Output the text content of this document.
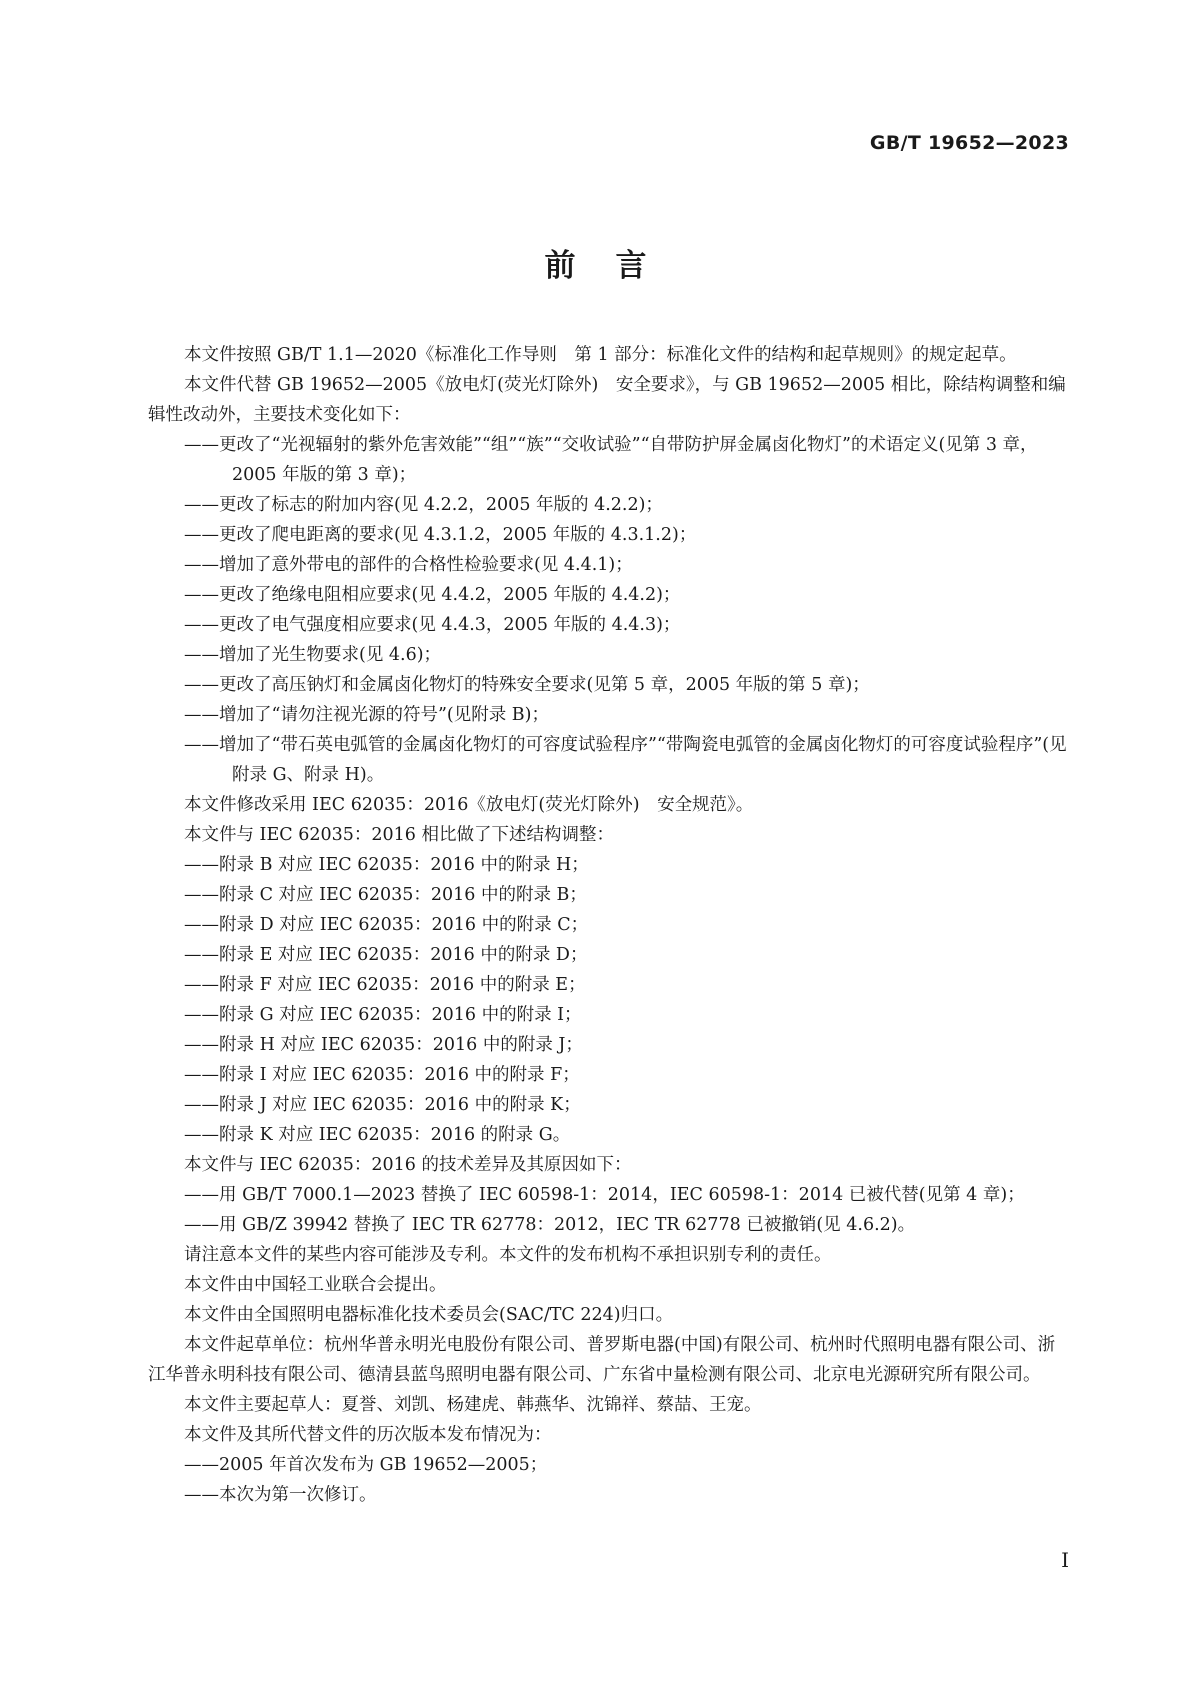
GB/T 19652—2023
前言

本文件按照 GB/T 1.1—2020《标准化工作导则　第 1 部分：标准化文件的结构和起草规则》的规定起草。

本文件代替 GB 19652—2005《放电灯(荧光灯除外)　安全要求》，与 GB 19652—2005 相比，除结构调整和编辑性改动外，主要技术变化如下：

——更改了“光视辐射的紫外危害效能”“组”“族”“交收试验”“自带防护屏金属卤化物灯”的术语定义(见第 3 章，2005 年版的第 3 章)；

——更改了标志的附加内容(见 4.2.2，2005 年版的 4.2.2)；

——更改了爬电距离的要求(见 4.3.1.2，2005 年版的 4.3.1.2)；

——增加了意外带电的部件的合格性检验要求(见 4.4.1)；

——更改了绝缘电阻相应要求(见 4.4.2，2005 年版的 4.4.2)；

——更改了电气强度相应要求(见 4.4.3，2005 年版的 4.4.3)；

——增加了光生物要求(见 4.6)；

——更改了高压钠灯和金属卤化物灯的特殊安全要求(见第 5 章，2005 年版的第 5 章)；

——增加了“请勿注视光源的符号”(见附录 B)；

——增加了“带石英电弧管的金属卤化物灯的可容度试验程序”“带陶瓷电弧管的金属卤化物灯的可容度试验程序”(见附录 G、附录 H)。

本文件修改采用 IEC 62035：2016《放电灯(荧光灯除外)　安全规范》。

本文件与 IEC 62035：2016 相比做了下述结构调整：

——附录 B 对应 IEC 62035：2016 中的附录 H；

——附录 C 对应 IEC 62035：2016 中的附录 B；

——附录 D 对应 IEC 62035：2016 中的附录 C；

——附录 E 对应 IEC 62035：2016 中的附录 D；

——附录 F 对应 IEC 62035：2016 中的附录 E；

——附录 G 对应 IEC 62035：2016 中的附录 I；

——附录 H 对应 IEC 62035：2016 中的附录 J；

——附录 I 对应 IEC 62035：2016 中的附录 F；

——附录 J 对应 IEC 62035：2016 中的附录 K；

——附录 K 对应 IEC 62035：2016 的附录 G。

本文件与 IEC 62035：2016 的技术差异及其原因如下：

——用 GB/T 7000.1—2023 替换了 IEC 60598-1：2014，IEC 60598-1：2014 已被代替(见第 4 章)；

——用 GB/Z 39942 替换了 IEC TR 62778：2012，IEC TR 62778 已被撤销(见 4.6.2)。

请注意本文件的某些内容可能涉及专利。本文件的发布机构不承担识别专利的责任。

本文件由中国轻工业联合会提出。

本文件由全国照明电器标准化技术委员会(SAC/TC 224)归口。

本文件起草单位：杭州华普永明光电股份有限公司、普罗斯电器(中国)有限公司、杭州时代照明电器有限公司、浙江华普永明科技有限公司、德清县蓝鸟照明电器有限公司、广东省中量检测有限公司、北京电光源研究所有限公司。

本文件主要起草人：夏誉、刘凯、杨建虎、韩燕华、沈锦祥、蔡喆、王宠。

本文件及其所代替文件的历次版本发布情况为：

——2005 年首次发布为 GB 19652—2005；

——本次为第一次修订。

I
